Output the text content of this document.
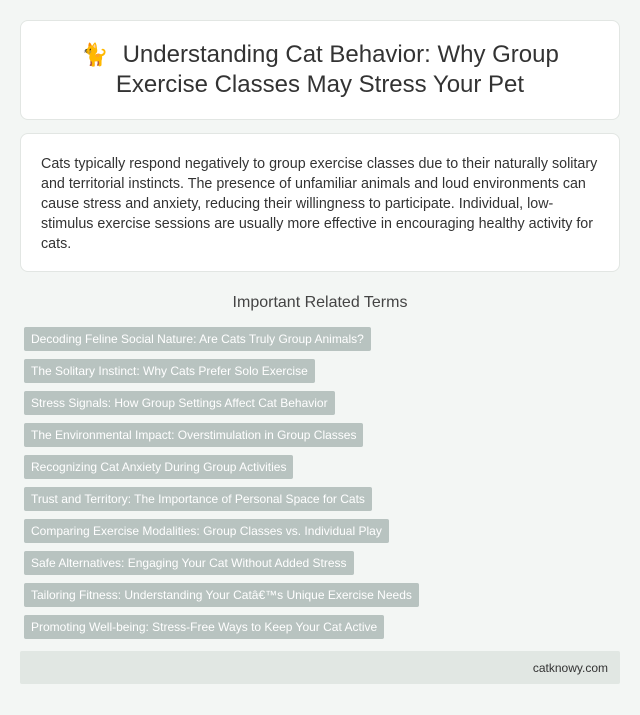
🐈 Understanding Cat Behavior: Why Group Exercise Classes May Stress Your Pet

Cats typically respond negatively to group exercise classes due to their naturally solitary and territorial instincts. The presence of unfamiliar animals and loud environments can cause stress and anxiety, reducing their willingness to participate. Individual, low-stimulus exercise sessions are usually more effective in encouraging healthy activity for cats.

Important Related Terms
Decoding Feline Social Nature: Are Cats Truly Group Animals?
The Solitary Instinct: Why Cats Prefer Solo Exercise
Stress Signals: How Group Settings Affect Cat Behavior
The Environmental Impact: Overstimulation in Group Classes
Recognizing Cat Anxiety During Group Activities
Trust and Territory: The Importance of Personal Space for Cats
Comparing Exercise Modalities: Group Classes vs. Individual Play
Safe Alternatives: Engaging Your Cat Without Added Stress
Tailoring Fitness: Understanding Your Catâ€™s Unique Exercise Needs
Promoting Well-being: Stress-Free Ways to Keep Your Cat Active
catknowy.com
